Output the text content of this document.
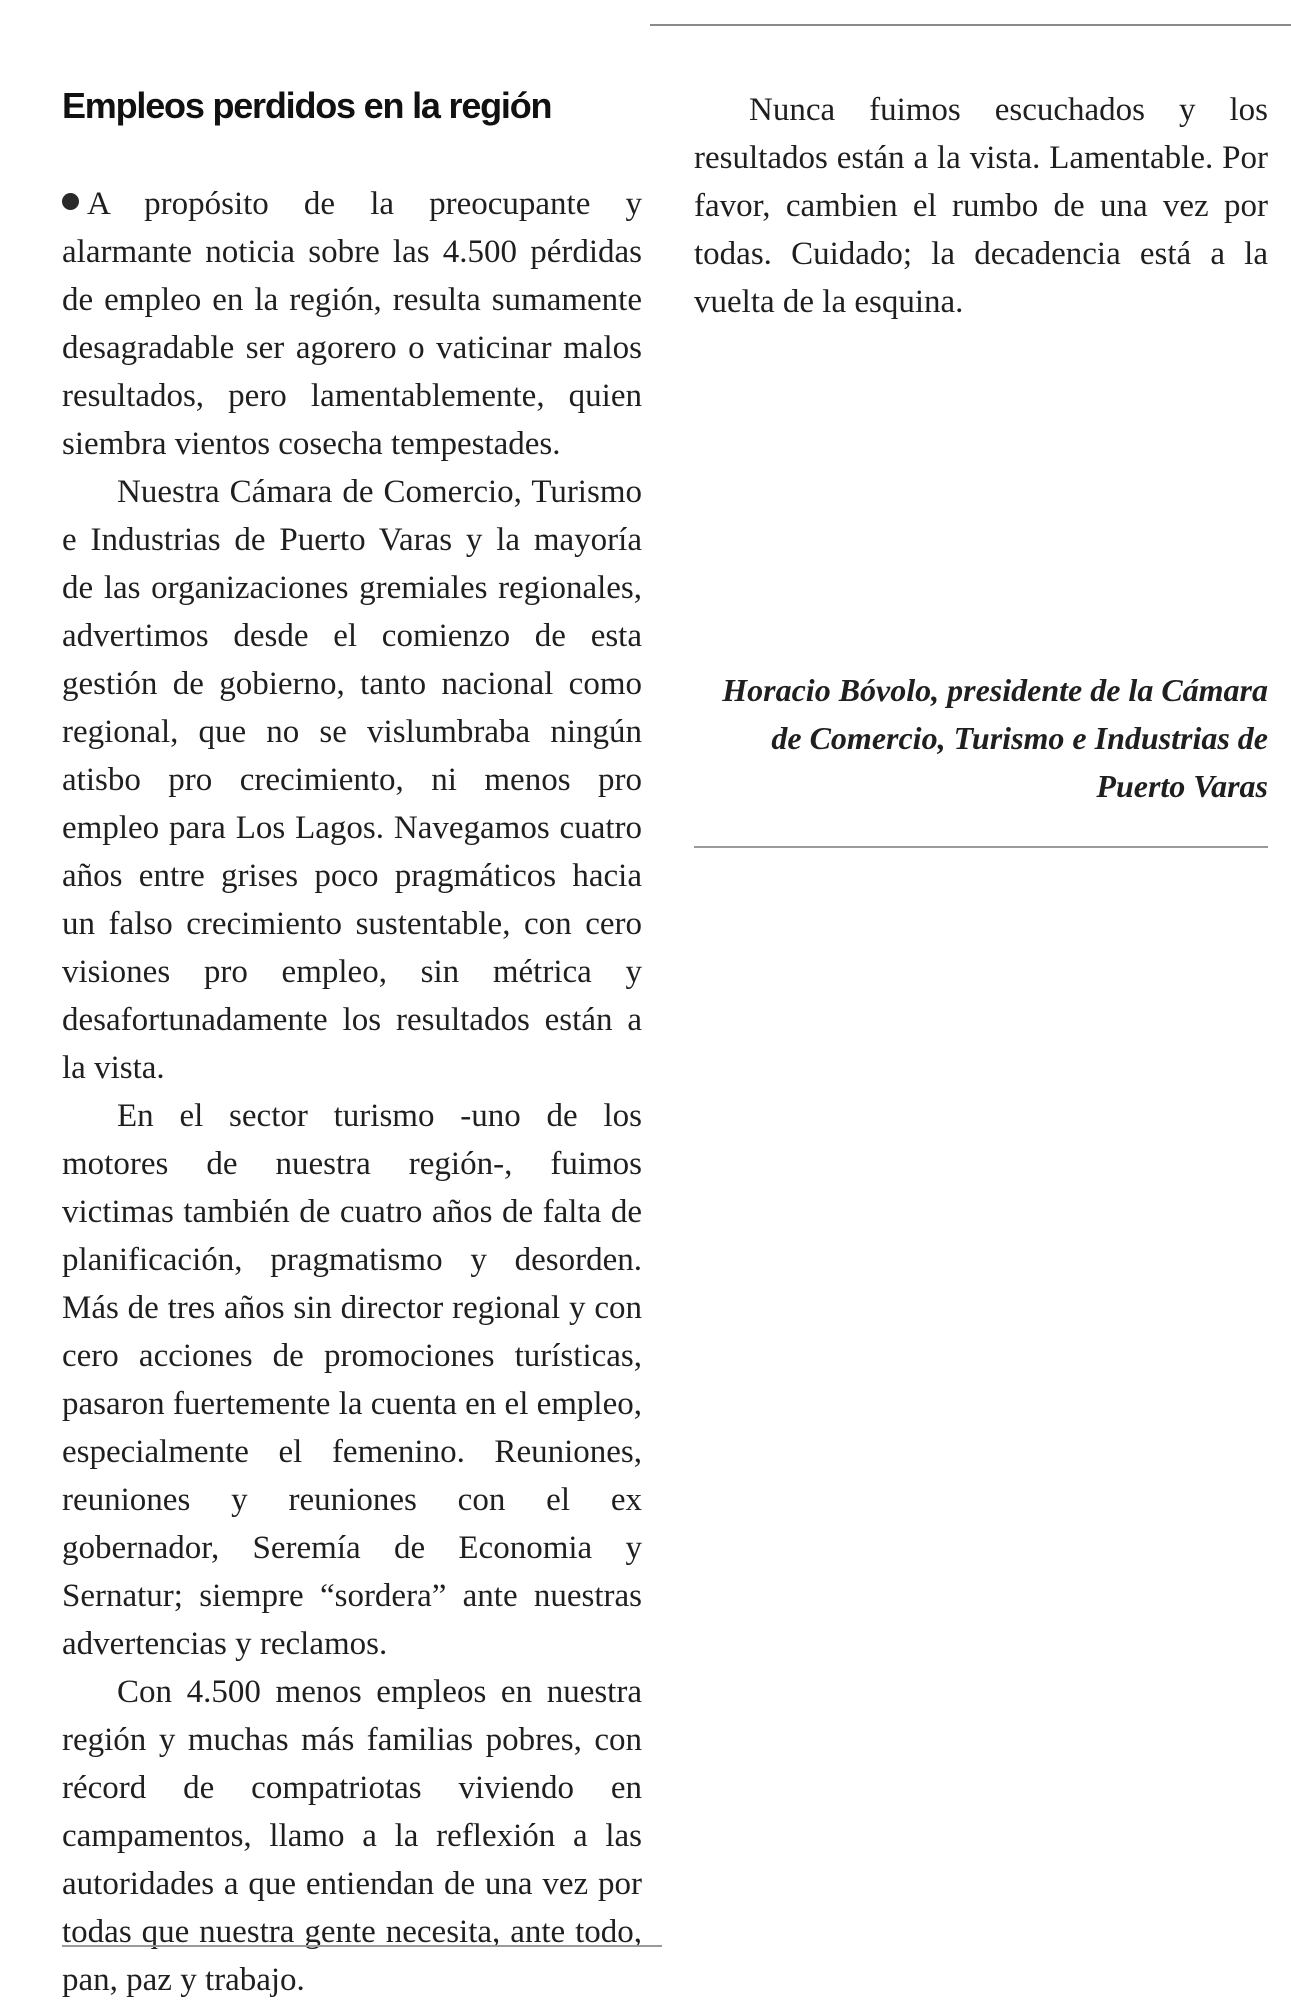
Empleos perdidos en la región

A propósito de la preocupante y alarmante noticia sobre las 4.500 pérdidas de empleo en la región, resulta sumamente desagradable ser agorero o vaticinar malos resultados, pero lamentablemente, quien siembra vientos cosecha tempestades.

Nuestra Cámara de Comercio, Turismo e Industrias de Puerto Varas y la mayoría de las organizaciones gremiales regionales, advertimos desde el comienzo de esta gestión de gobierno, tanto nacional como regional, que no se vislumbraba ningún atisbo pro crecimiento, ni menos pro empleo para Los Lagos. Navegamos cuatro años entre grises poco pragmáticos hacia un falso crecimiento sustentable, con cero visiones pro empleo, sin métrica y desafortunadamente los resultados están a la vista.

En el sector turismo -uno de los motores de nuestra región-, fuimos victimas también de cuatro años de falta de planificación, pragmatismo y desorden. Más de tres años sin director regional y con cero acciones de promociones turísticas, pasaron fuertemente la cuenta en el empleo, especialmente el femenino. Reuniones, reuniones y reuniones con el ex gobernador, Seremía de Economia y Sernatur; siempre “sordera” ante nuestras advertencias y reclamos.

Con 4.500 menos empleos en nuestra región y muchas más familias pobres, con récord de compatriotas viviendo en campamentos, llamo a la reflexión a las autoridades a que entiendan de una vez por todas que nuestra gente necesita, ante todo, pan, paz y trabajo.

Nunca fuimos escuchados y los resultados están a la vista. Lamentable. Por favor, cambien el rumbo de una vez por todas. Cuidado; la decadencia está a la vuelta de la esquina.

Horacio Bóvolo, presidente de la Cámara de Comercio, Turismo e Industrias de Puerto Varas
